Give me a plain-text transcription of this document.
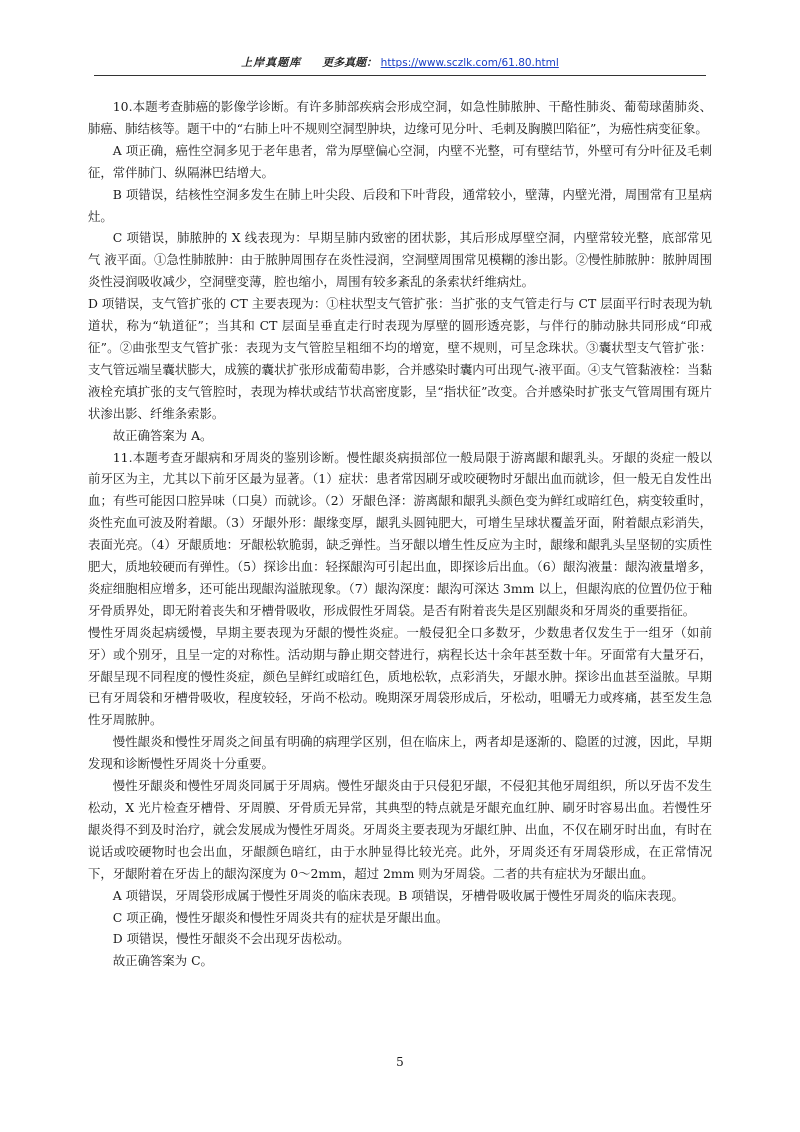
上岸真题库 更多真题： https://www.sczlk.com/61.80.html

10.本题考查肺癌的影像学诊断。有许多肺部疾病会形成空洞，如急性肺脓肿、干酪性肺炎、葡萄球菌肺炎、肺癌、肺结核等。题干中的“右肺上叶不规则空洞型肿块，边缘可见分叶、毛刺及胸膜凹陷征”，为癌性病变征象。

A 项正确，癌性空洞多见于老年患者，常为厚壁偏心空洞，内壁不光整，可有壁结节，外壁可有分叶征及毛刺征，常伴肺门、纵隔淋巴结增大。

B 项错误，结核性空洞多发生在肺上叶尖段、后段和下叶背段，通常较小，壁薄，内壁光滑，周围常有卫星病灶。

C 项错误，肺脓肿的 X 线表现为：早期呈肺内致密的团状影，其后形成厚壁空洞，内壁常较光整，底部常见气 液平面。①急性肺脓肿：由于脓肿周围存在炎性浸润，空洞壁周围常见模糊的渗出影。②慢性肺脓肿：脓肿周围炎性浸润吸收减少，空洞壁变薄，腔也缩小，周围有较多紊乱的条索状纤维病灶。

D 项错误，支气管扩张的 CT 主要表现为：①柱状型支气管扩张：当扩张的支气管走行与 CT 层面平行时表现为轨道状，称为“轨道征”；当其和 CT 层面呈垂直走行时表现为厚壁的圆形透亮影，与伴行的肺动脉共同形成“印戒征”。②曲张型支气管扩张：表现为支气管腔呈粗细不均的增宽，壁不规则，可呈念珠状。③囊状型支气管扩张：支气管远端呈囊状膨大，成簇的囊状扩张形成葡萄串影，合并感染时囊内可出现气-液平面。④支气管黏液栓：当黏液栓充填扩张的支气管腔时，表现为棒状或结节状高密度影，呈“指状征”改变。合并感染时扩张支气管周围有斑片状渗出影、纤维条索影。

故正确答案为 A。

11.本题考查牙龈病和牙周炎的鉴别诊断。慢性龈炎病损部位一般局限于游离龈和龈乳头。牙龈的炎症一般以前牙区为主，尤其以下前牙区最为显著。（1）症状：患者常因刷牙或咬硬物时牙龈出血而就诊，但一般无自发性出血；有些可能因口腔异味（口臭）而就诊。（2）牙龈色泽：游离龈和龈乳头颜色变为鲜红或暗红色，病变较重时，炎性充血可波及附着龈。（3）牙龈外形：龈缘变厚，龈乳头圆钝肥大，可增生呈球状覆盖牙面，附着龈点彩消失，表面光亮。（4）牙龈质地：牙龈松软脆弱，缺乏弹性。当牙龈以增生性反应为主时，龈缘和龈乳头呈坚韧的实质性肥大，质地较硬而有弹性。（5）探诊出血：轻探龈沟可引起出血，即探诊后出血。（6）龈沟液量：龈沟液量增多，炎症细胞相应增多，还可能出现龈沟溢脓现象。（7）龈沟深度：龈沟可深达 3mm 以上，但龈沟底的位置仍位于釉牙骨质界处，即无附着丧失和牙槽骨吸收，形成假性牙周袋。是否有附着丧失是区别龈炎和牙周炎的重要指征。

慢性牙周炎起病缓慢，早期主要表现为牙龈的慢性炎症。一般侵犯全口多数牙，少数患者仅发生于一组牙（如前牙）或个别牙，且呈一定的对称性。活动期与静止期交替进行，病程长达十余年甚至数十年。牙面常有大量牙石，牙龈呈现不同程度的慢性炎症，颜色呈鲜红或暗红色，质地松软，点彩消失，牙龈水肿。探诊出血甚至溢脓。早期已有牙周袋和牙槽骨吸收，程度较轻，牙尚不松动。晚期深牙周袋形成后，牙松动，咀嚼无力或疼痛，甚至发生急性牙周脓肿。

慢性龈炎和慢性牙周炎之间虽有明确的病理学区别，但在临床上，两者却是逐渐的、隐匿的过渡，因此，早期发现和诊断慢性牙周炎十分重要。

慢性牙龈炎和慢性牙周炎同属于牙周病。慢性牙龈炎由于只侵犯牙龈，不侵犯其他牙周组织，所以牙齿不发生松动，X 光片检查牙槽骨、牙周膜、牙骨质无异常，其典型的特点就是牙龈充血红肿、刷牙时容易出血。若慢性牙龈炎得不到及时治疗，就会发展成为慢性牙周炎。牙周炎主要表现为牙龈红肿、出血，不仅在刷牙时出血，有时在说话或咬硬物时也会出血，牙龈颜色暗红，由于水肿显得比较光亮。此外，牙周炎还有牙周袋形成，在正常情况下，牙龈附着在牙齿上的龈沟深度为 0～2mm，超过 2mm 则为牙周袋。二者的共有症状为牙龈出血。

A 项错误，牙周袋形成属于慢性牙周炎的临床表现。B 项错误，牙槽骨吸收属于慢性牙周炎的临床表现。

C 项正确，慢性牙龈炎和慢性牙周炎共有的症状是牙龈出血。

D 项错误，慢性牙龈炎不会出现牙齿松动。

故正确答案为 C。

5
